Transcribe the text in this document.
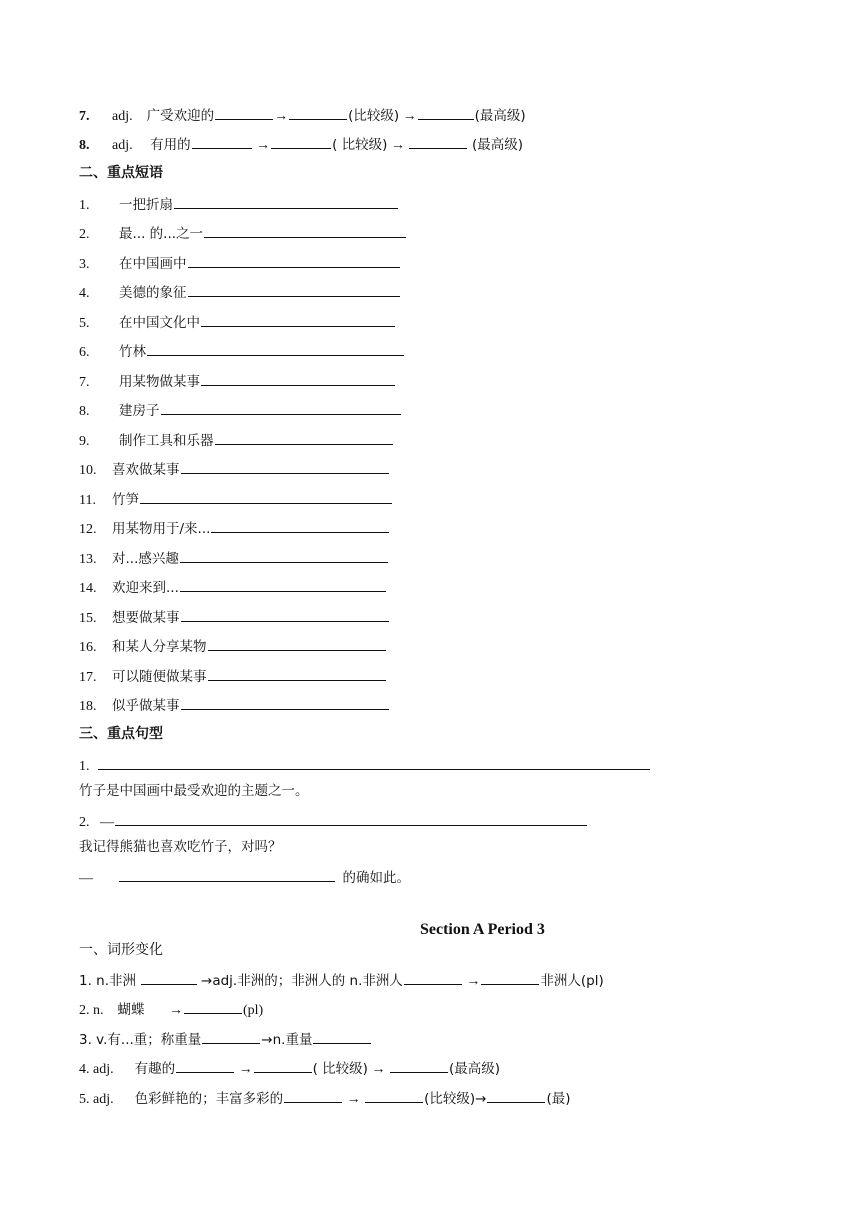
7. adj. 广受欢迎的	→	(比较级) →	(最高级)
8. adj. 有用的	→	( 比较级) →	(最高级)
二、重点短语
1. 一把折扇
2. 最... 的...之一
3. 在中国画中
4. 美德的象征
5. 在中国文化中
6. 竹林
7. 用某物做某事
8. 建房子
9. 制作工具和乐器
10. 喜欢做某事
11. 竹笋
12. 用某物用于/来...
13. 对...感兴趣
14. 欢迎来到...
15. 想要做某事
16. 和某人分享某物
17. 可以随便做某事
18. 似乎做某事
三、重点句型
1.
竹子是中国画中最受欢迎的主题之一。
2. —
我记得熊猫也喜欢吃竹子，对吗？
—	的确如此。
Section A Period 3
一、词形变化
1. n.非洲	→adj.非洲的；非洲人的 n.非洲人	→	非洲人(pl)
2. n. 蝴蝶       →	(pl)
3. v.有...重；称重量	→n.重量
4. adj. 有趣的	→	( 比较级) →	(最高级)
5. adj. 色彩鲜艳的；丰富多彩的	→	(比较级)→	(最)
